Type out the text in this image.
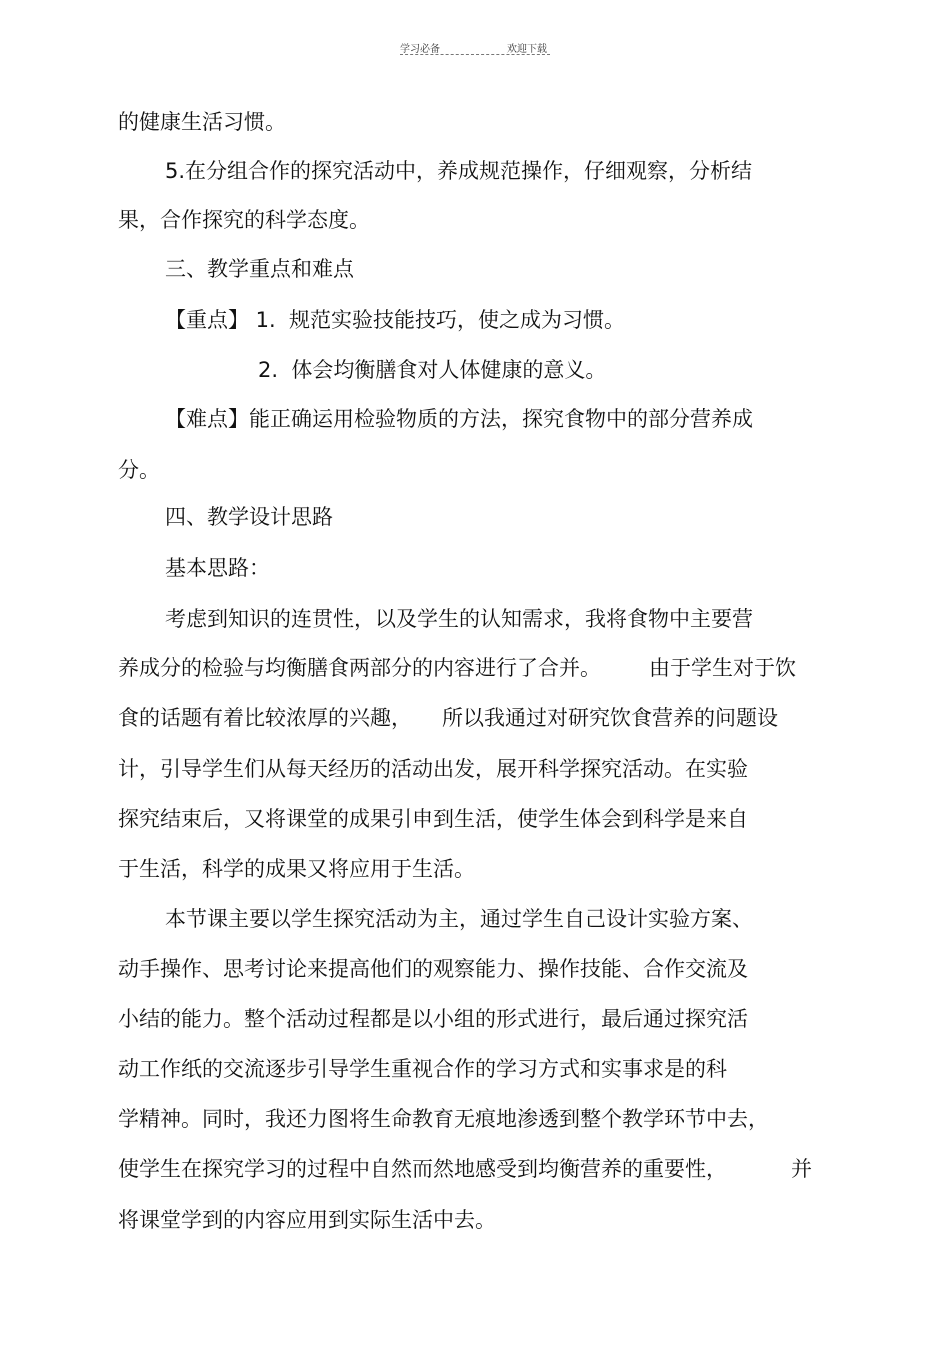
学习必备	欢迎下载
的健康生活习惯。
5.在分组合作的探究活动中，养成规范操作，仔细观察，分析结
果，合作探究的科学态度。
三、教学重点和难点
【重点】 1.  规范实验技能技巧，使之成为习惯。
2.  体会均衡膳食对人体健康的意义。
【难点】能正确运用检验物质的方法，探究食物中的部分营养成
分。
四、教学设计思路
基本思路：
考虑到知识的连贯性，以及学生的认知需求，我将食物中主要营
养成分的检验与均衡膳食两部分的内容进行了合并。 由于学生对于饮
食的话题有着比较浓厚的兴趣， 所以我通过对研究饮食营养的问题设
计，引导学生们从每天经历的活动出发，展开科学探究活动。在实验
探究结束后，又将课堂的成果引申到生活，使学生体会到科学是来自
于生活，科学的成果又将应用于生活。
本节课主要以学生探究活动为主，通过学生自己设计实验方案、
动手操作、思考讨论来提高他们的观察能力、操作技能、合作交流及
小结的能力。整个活动过程都是以小组的形式进行，最后通过探究活
动工作纸的交流逐步引导学生重视合作的学习方式和实事求是的科
学精神。同时，我还力图将生命教育无痕地渗透到整个教学环节中去，
使学生在探究学习的过程中自然而然地感受到均衡营养的重要性，	并
将课堂学到的内容应用到实际生活中去。
